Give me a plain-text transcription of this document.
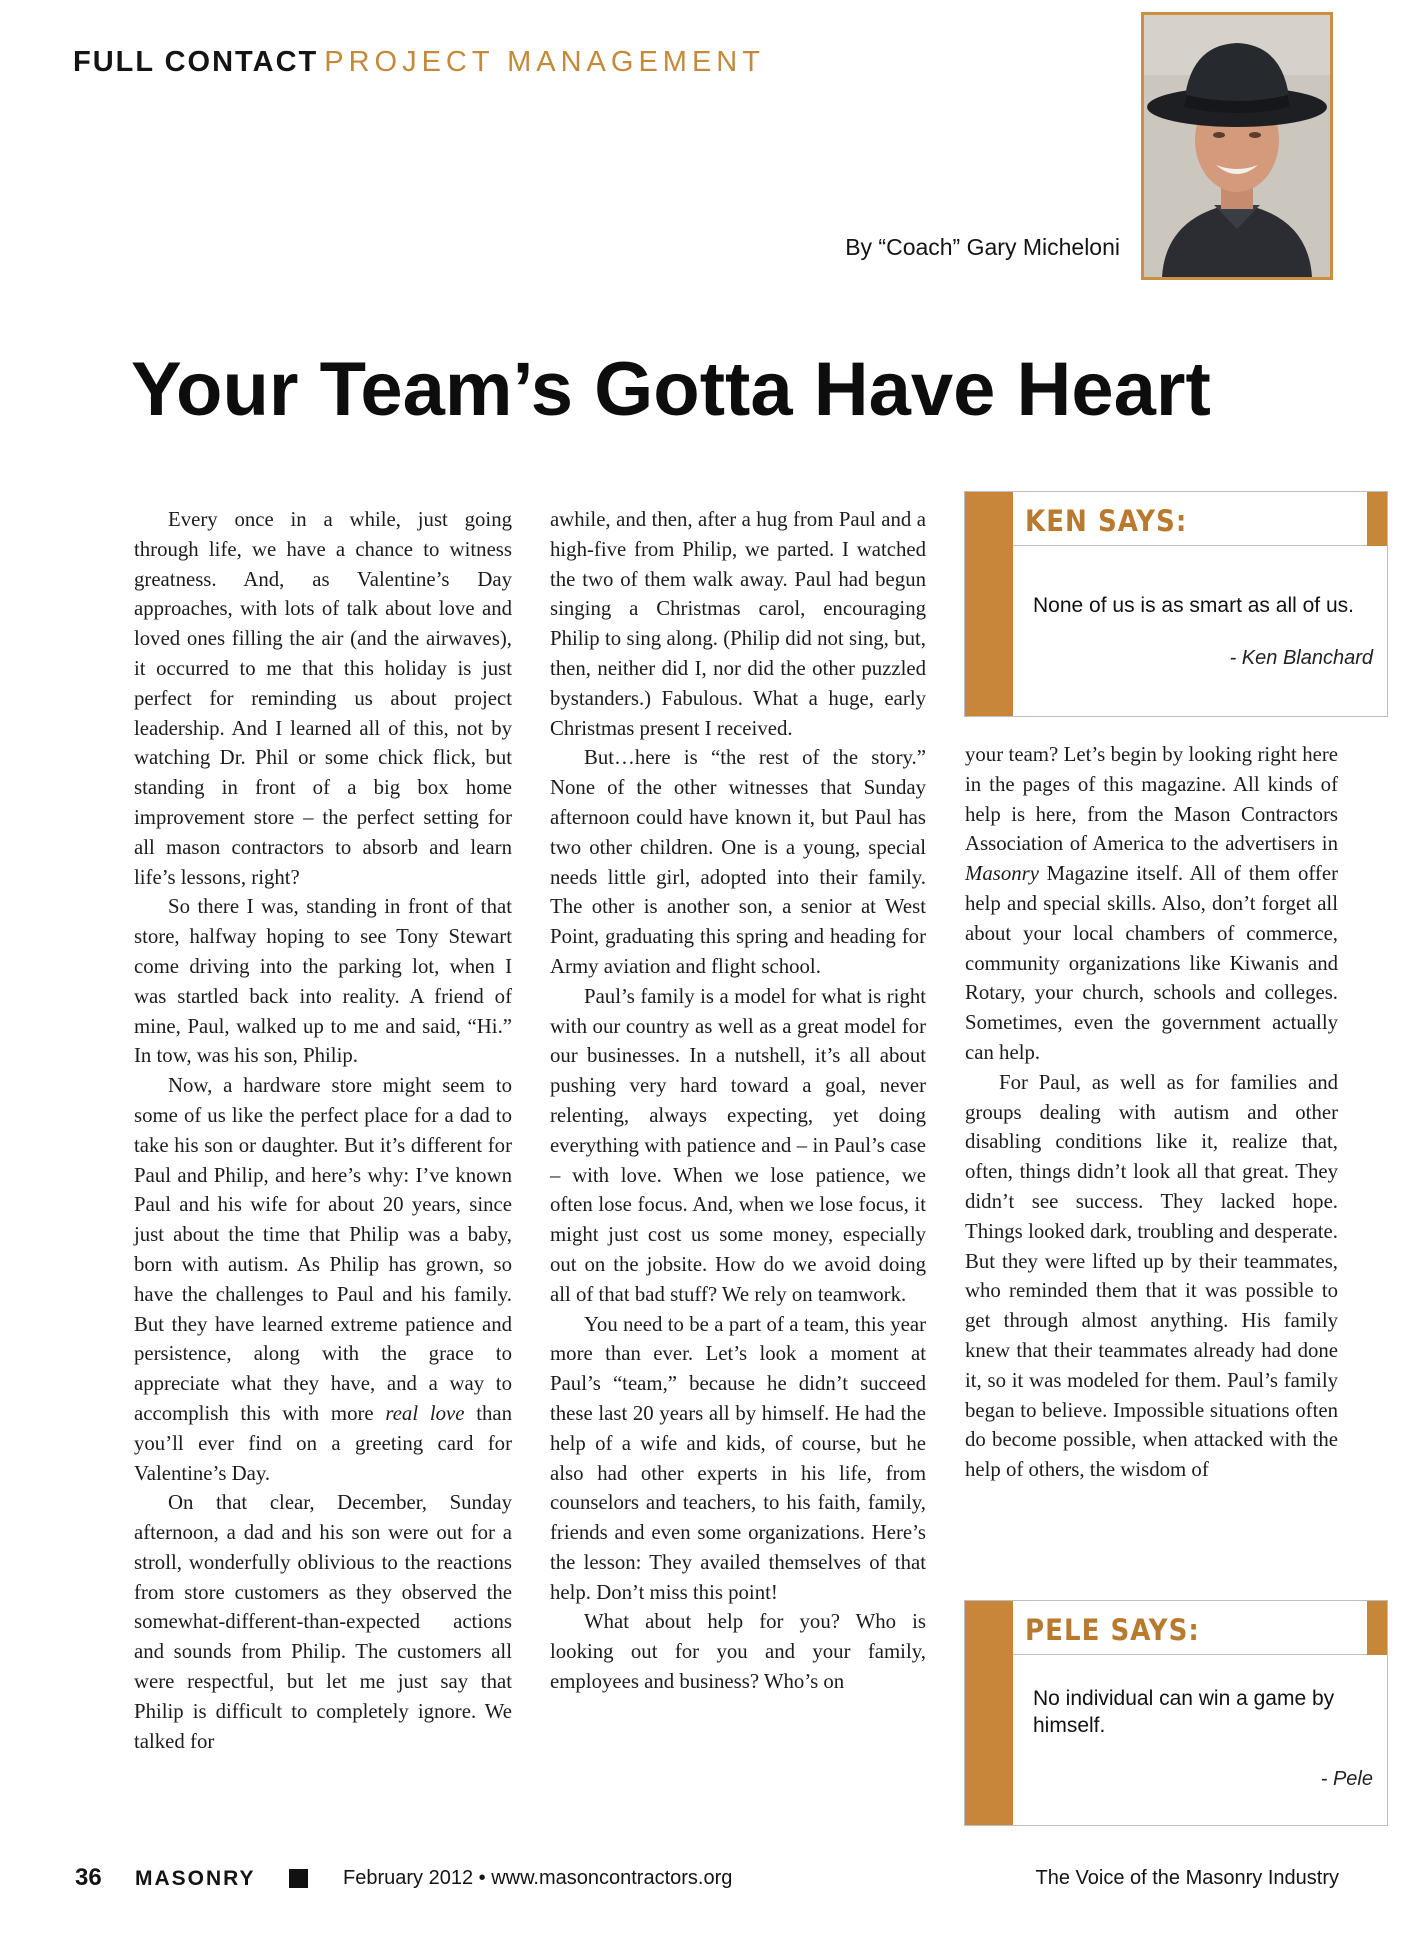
FULL CONTACT PROJECT MANAGEMENT
By “Coach” Gary Micheloni
Your Team’s Gotta Have Heart

Every once in a while, just going through life, we have a chance to witness greatness. And, as Valentine’s Day approaches, with lots of talk about love and loved ones filling the air (and the airwaves), it occurred to me that this holiday is just perfect for reminding us about project leadership. And I learned all of this, not by watching Dr. Phil or some chick flick, but standing in front of a big box home improvement store – the perfect setting for all mason contractors to absorb and learn life’s lessons, right?

So there I was, standing in front of that store, halfway hoping to see Tony Stewart come driving into the parking lot, when I was startled back into reality. A friend of mine, Paul, walked up to me and said, “Hi.” In tow, was his son, Philip.

Now, a hardware store might seem to some of us like the perfect place for a dad to take his son or daughter. But it’s different for Paul and Philip, and here’s why: I’ve known Paul and his wife for about 20 years, since just about the time that Philip was a baby, born with autism. As Philip has grown, so have the challenges to Paul and his family. But they have learned extreme patience and persistence, along with the grace to appreciate what they have, and a way to accomplish this with more real love than you’ll ever find on a greeting card for Valentine’s Day.

On that clear, December, Sunday afternoon, a dad and his son were out for a stroll, wonderfully oblivious to the reactions from store customers as they observed the somewhat-different-than-expected actions and sounds from Philip. The customers all were respectful, but let me just say that Philip is difficult to completely ignore. We talked for

awhile, and then, after a hug from Paul and a high-five from Philip, we parted. I watched the two of them walk away. Paul had begun singing a Christmas carol, encouraging Philip to sing along. (Philip did not sing, but, then, neither did I, nor did the other puzzled bystanders.) Fabulous. What a huge, early Christmas present I received.

But…here is “the rest of the story.” None of the other witnesses that Sunday afternoon could have known it, but Paul has two other children. One is a young, special needs little girl, adopted into their family. The other is another son, a senior at West Point, graduating this spring and heading for Army aviation and flight school.

Paul’s family is a model for what is right with our country as well as a great model for our businesses. In a nutshell, it’s all about pushing very hard toward a goal, never relenting, always expecting, yet doing everything with patience and – in Paul’s case – with love. When we lose patience, we often lose focus. And, when we lose focus, it might just cost us some money, especially out on the jobsite. How do we avoid doing all of that bad stuff? We rely on teamwork.

You need to be a part of a team, this year more than ever. Let’s look a moment at Paul’s “team,” because he didn’t succeed these last 20 years all by himself. He had the help of a wife and kids, of course, but he also had other experts in his life, from counselors and teachers, to his faith, family, friends and even some organizations. Here’s the lesson: They availed themselves of that help. Don’t miss this point!

What about help for you? Who is looking out for you and your family, employees and business? Who’s on

your team? Let’s begin by looking right here in the pages of this magazine. All kinds of help is here, from the Mason Contractors Association of America to the advertisers in Masonry Magazine itself. All of them offer help and special skills. Also, don’t forget all about your local chambers of commerce, community organizations like Kiwanis and Rotary, your church, schools and colleges. Sometimes, even the government actually can help.

For Paul, as well as for families and groups dealing with autism and other disabling conditions like it, realize that, often, things didn’t look all that great. They didn’t see success. They lacked hope. Things looked dark, troubling and desperate. But they were lifted up by their teammates, who reminded them that it was possible to get through almost anything. His family knew that their teammates already had done it, so it was modeled for them. Paul’s family began to believe. Impossible situations often do become possible, when attacked with the help of others, the wisdom of

KEN SAYS:
None of us is as smart as all of us.
- Ken Blanchard
PELE SAYS:
No individual can win a game by himself.
- Pele
36 MASONRY	February 2012 • www.masoncontractors.org	The Voice of the Masonry Industry
